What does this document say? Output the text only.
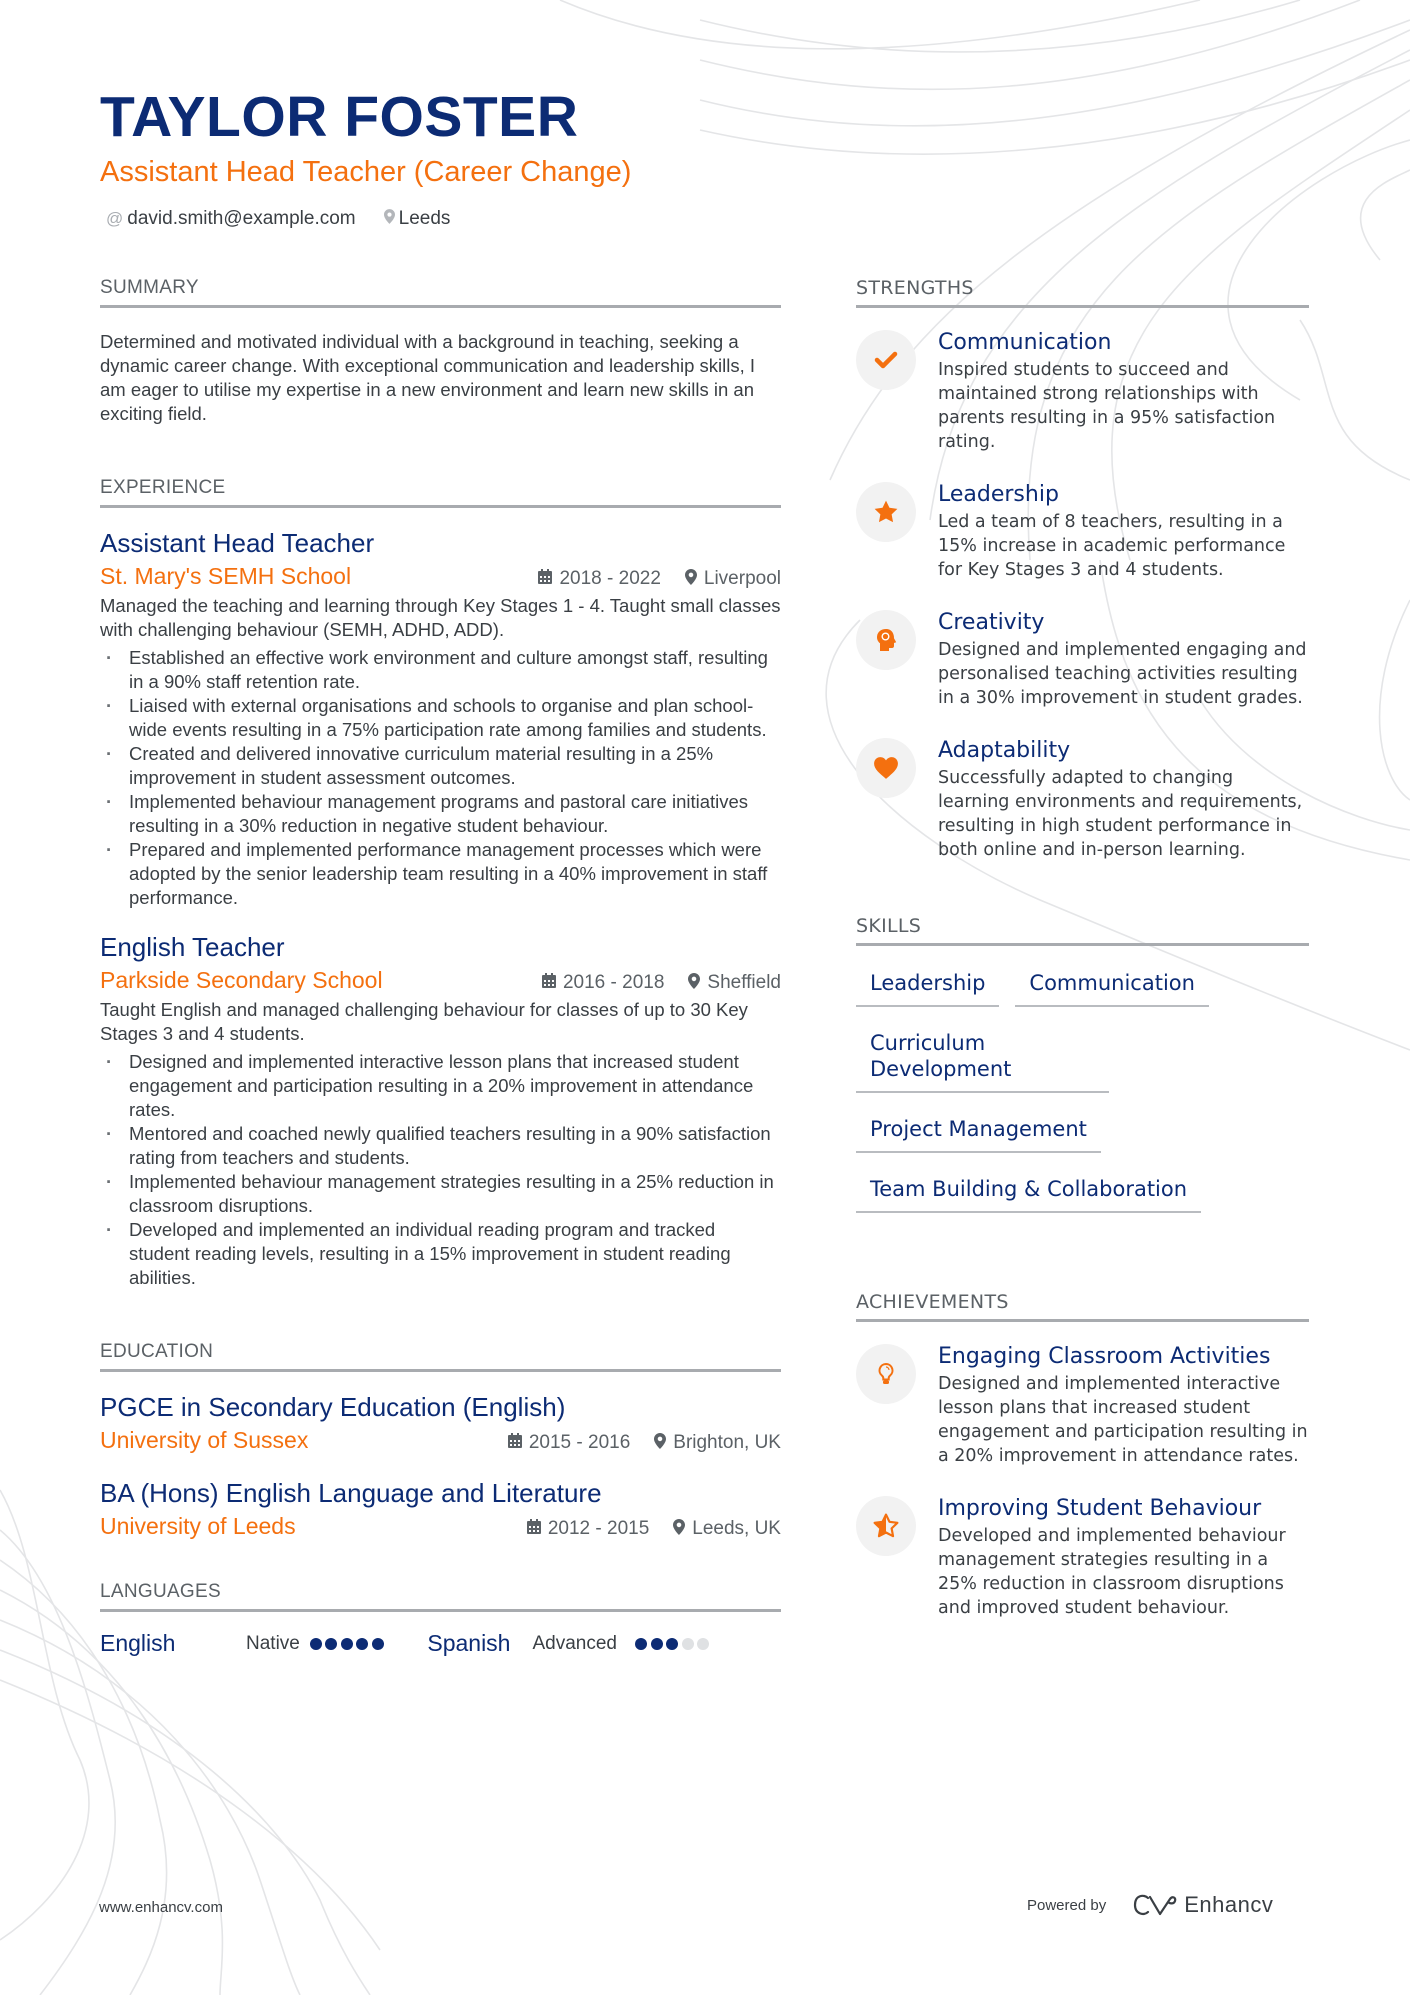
TAYLOR FOSTER
Assistant Head Teacher (Career Change)
@ david.smith@example.com Leeds
SUMMARY

Determined and motivated individual with a background in teaching, seeking a dynamic career change. With exceptional communication and leadership skills, I am eager to utilise my expertise in a new environment and learn new skills in an exciting field.

EXPERIENCE
Assistant Head Teacher
St. Mary's SEMH School	2018 - 2022 Liverpool

Managed the teaching and learning through Key Stages 1 - 4. Taught small classes with challenging behaviour (SEMH, ADHD, ADD).

· Established an effective work environment and culture amongst staff, resulting in a 90% staff retention rate.
· Liaised with external organisations and schools to organise and plan school-wide events resulting in a 75% participation rate among families and students.
· Created and delivered innovative curriculum material resulting in a 25% improvement in student assessment outcomes.
· Implemented behaviour management programs and pastoral care initiatives resulting in a 30% reduction in negative student behaviour.
· Prepared and implemented performance management processes which were adopted by the senior leadership team resulting in a 40% improvement in staff performance.
English Teacher
Parkside Secondary School	2016 - 2018 Sheffield

Taught English and managed challenging behaviour for classes of up to 30 Key Stages 3 and 4 students.

· Designed and implemented interactive lesson plans that increased student engagement and participation resulting in a 20% improvement in attendance rates.
· Mentored and coached newly qualified teachers resulting in a 90% satisfaction rating from teachers and students.
· Implemented behaviour management strategies resulting in a 25% reduction in classroom disruptions.
· Developed and implemented an individual reading program and tracked student reading levels, resulting in a 15% improvement in student reading abilities.
EDUCATION
PGCE in Secondary Education (English)
University of Sussex	2015 - 2016 Brighton, UK
BA (Hons) English Language and Literature
University of Leeds	2012 - 2015 Leeds, UK
LANGUAGES
English	Native	Spanish Advanced
STRENGTHS
Communication
Inspired students to succeed and maintained strong relationships with parents resulting in a 95% satisfaction rating.
Leadership
Led a team of 8 teachers, resulting in a 15% increase in academic performance for Key Stages 3 and 4 students.
Creativity
Designed and implemented engaging and personalised teaching activities resulting in a 30% improvement in student grades.
Adaptability
Successfully adapted to changing learning environments and requirements, resulting in high student performance in both online and in-person learning.
SKILLS
Leadership	Communication
Curriculum Development
Project Management
Team Building & Collaboration
ACHIEVEMENTS
Engaging Classroom Activities
Designed and implemented interactive lesson plans that increased student engagement and participation resulting in a 20% improvement in attendance rates.
Improving Student Behaviour
Developed and implemented behaviour management strategies resulting in a 25% reduction in classroom disruptions and improved student behaviour.
www.enhancv.com	Powered by	Enhancv
